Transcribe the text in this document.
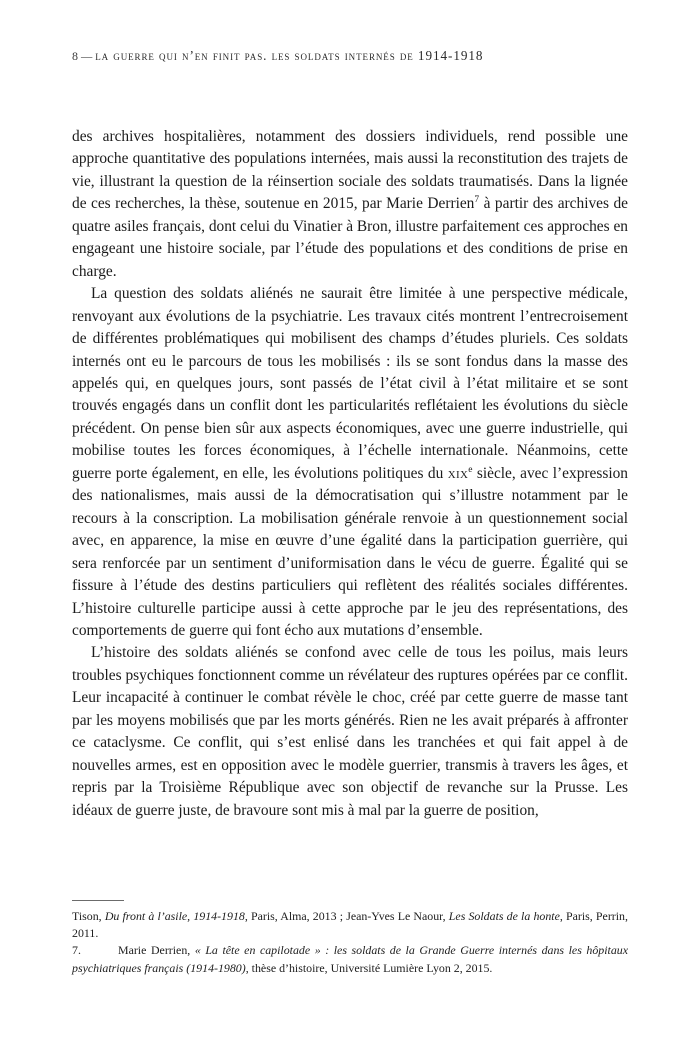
8 — la guerre qui n’en finit pas. les soldats internés de 1914-1918

des archives hospitalières, notamment des dossiers individuels, rend possible une approche quantitative des populations internées, mais aussi la reconstitution des trajets de vie, illustrant la question de la réinsertion sociale des soldats traumatisés. Dans la lignée de ces recherches, la thèse, soutenue en 2015, par Marie Derrien$^7$ à partir des archives de quatre asiles français, dont celui du Vinatier à Bron, illustre parfaitement ces approches en engageant une histoire sociale, par l’étude des populations et des conditions de prise en charge.

La question des soldats aliénés ne saurait être limitée à une perspective médicale, renvoyant aux évolutions de la psychiatrie. Les travaux cités montrent l’entrecroisement de différentes problématiques qui mobilisent des champs d’études pluriels. Ces soldats internés ont eu le parcours de tous les mobilisés : ils se sont fondus dans la masse des appelés qui, en quelques jours, sont passés de l’état civil à l’état militaire et se sont trouvés engagés dans un conflit dont les particularités reflétaient les évolutions du siècle précédent. On pense bien sûr aux aspects économiques, avec une guerre industrielle, qui mobilise toutes les forces économiques, à l’échelle internationale. Néanmoins, cette guerre porte également, en elle, les évolutions politiques du xix$^e$ siècle, avec l’expression des nationalismes, mais aussi de la démocratisation qui s’illustre notamment par le recours à la conscription. La mobilisation générale renvoie à un questionnement social avec, en apparence, la mise en œuvre d’une égalité dans la participation guerrière, qui sera renforcée par un sentiment d’uniformisation dans le vécu de guerre. Égalité qui se fissure à l’étude des destins particuliers qui reflètent des réalités sociales différentes. L’histoire culturelle participe aussi à cette approche par le jeu des représentations, des comportements de guerre qui font écho aux mutations d’ensemble.

L’histoire des soldats aliénés se confond avec celle de tous les poilus, mais leurs troubles psychiques fonctionnent comme un révélateur des ruptures opérées par ce conflit. Leur incapacité à continuer le combat révèle le choc, créé par cette guerre de masse tant par les moyens mobilisés que par les morts générés. Rien ne les avait préparés à affronter ce cataclysme. Ce conflit, qui s’est enlisé dans les tranchées et qui fait appel à de nouvelles armes, est en opposition avec le modèle guerrier, transmis à travers les âges, et repris par la Troisième République avec son objectif de revanche sur la Prusse. Les idéaux de guerre juste, de bravoure sont mis à mal par la guerre de position,

Tison, Du front à l’asile, 1914-1918, Paris, Alma, 2013 ; Jean-Yves Le Naour, Les Soldats de la honte, Paris, Perrin, 2011.

7.	Marie Derrien, « La tête en capilotade » : les soldats de la Grande Guerre internés dans les hôpitaux psychiatriques français (1914-1980), thèse d’histoire, Université Lumière Lyon 2, 2015.
